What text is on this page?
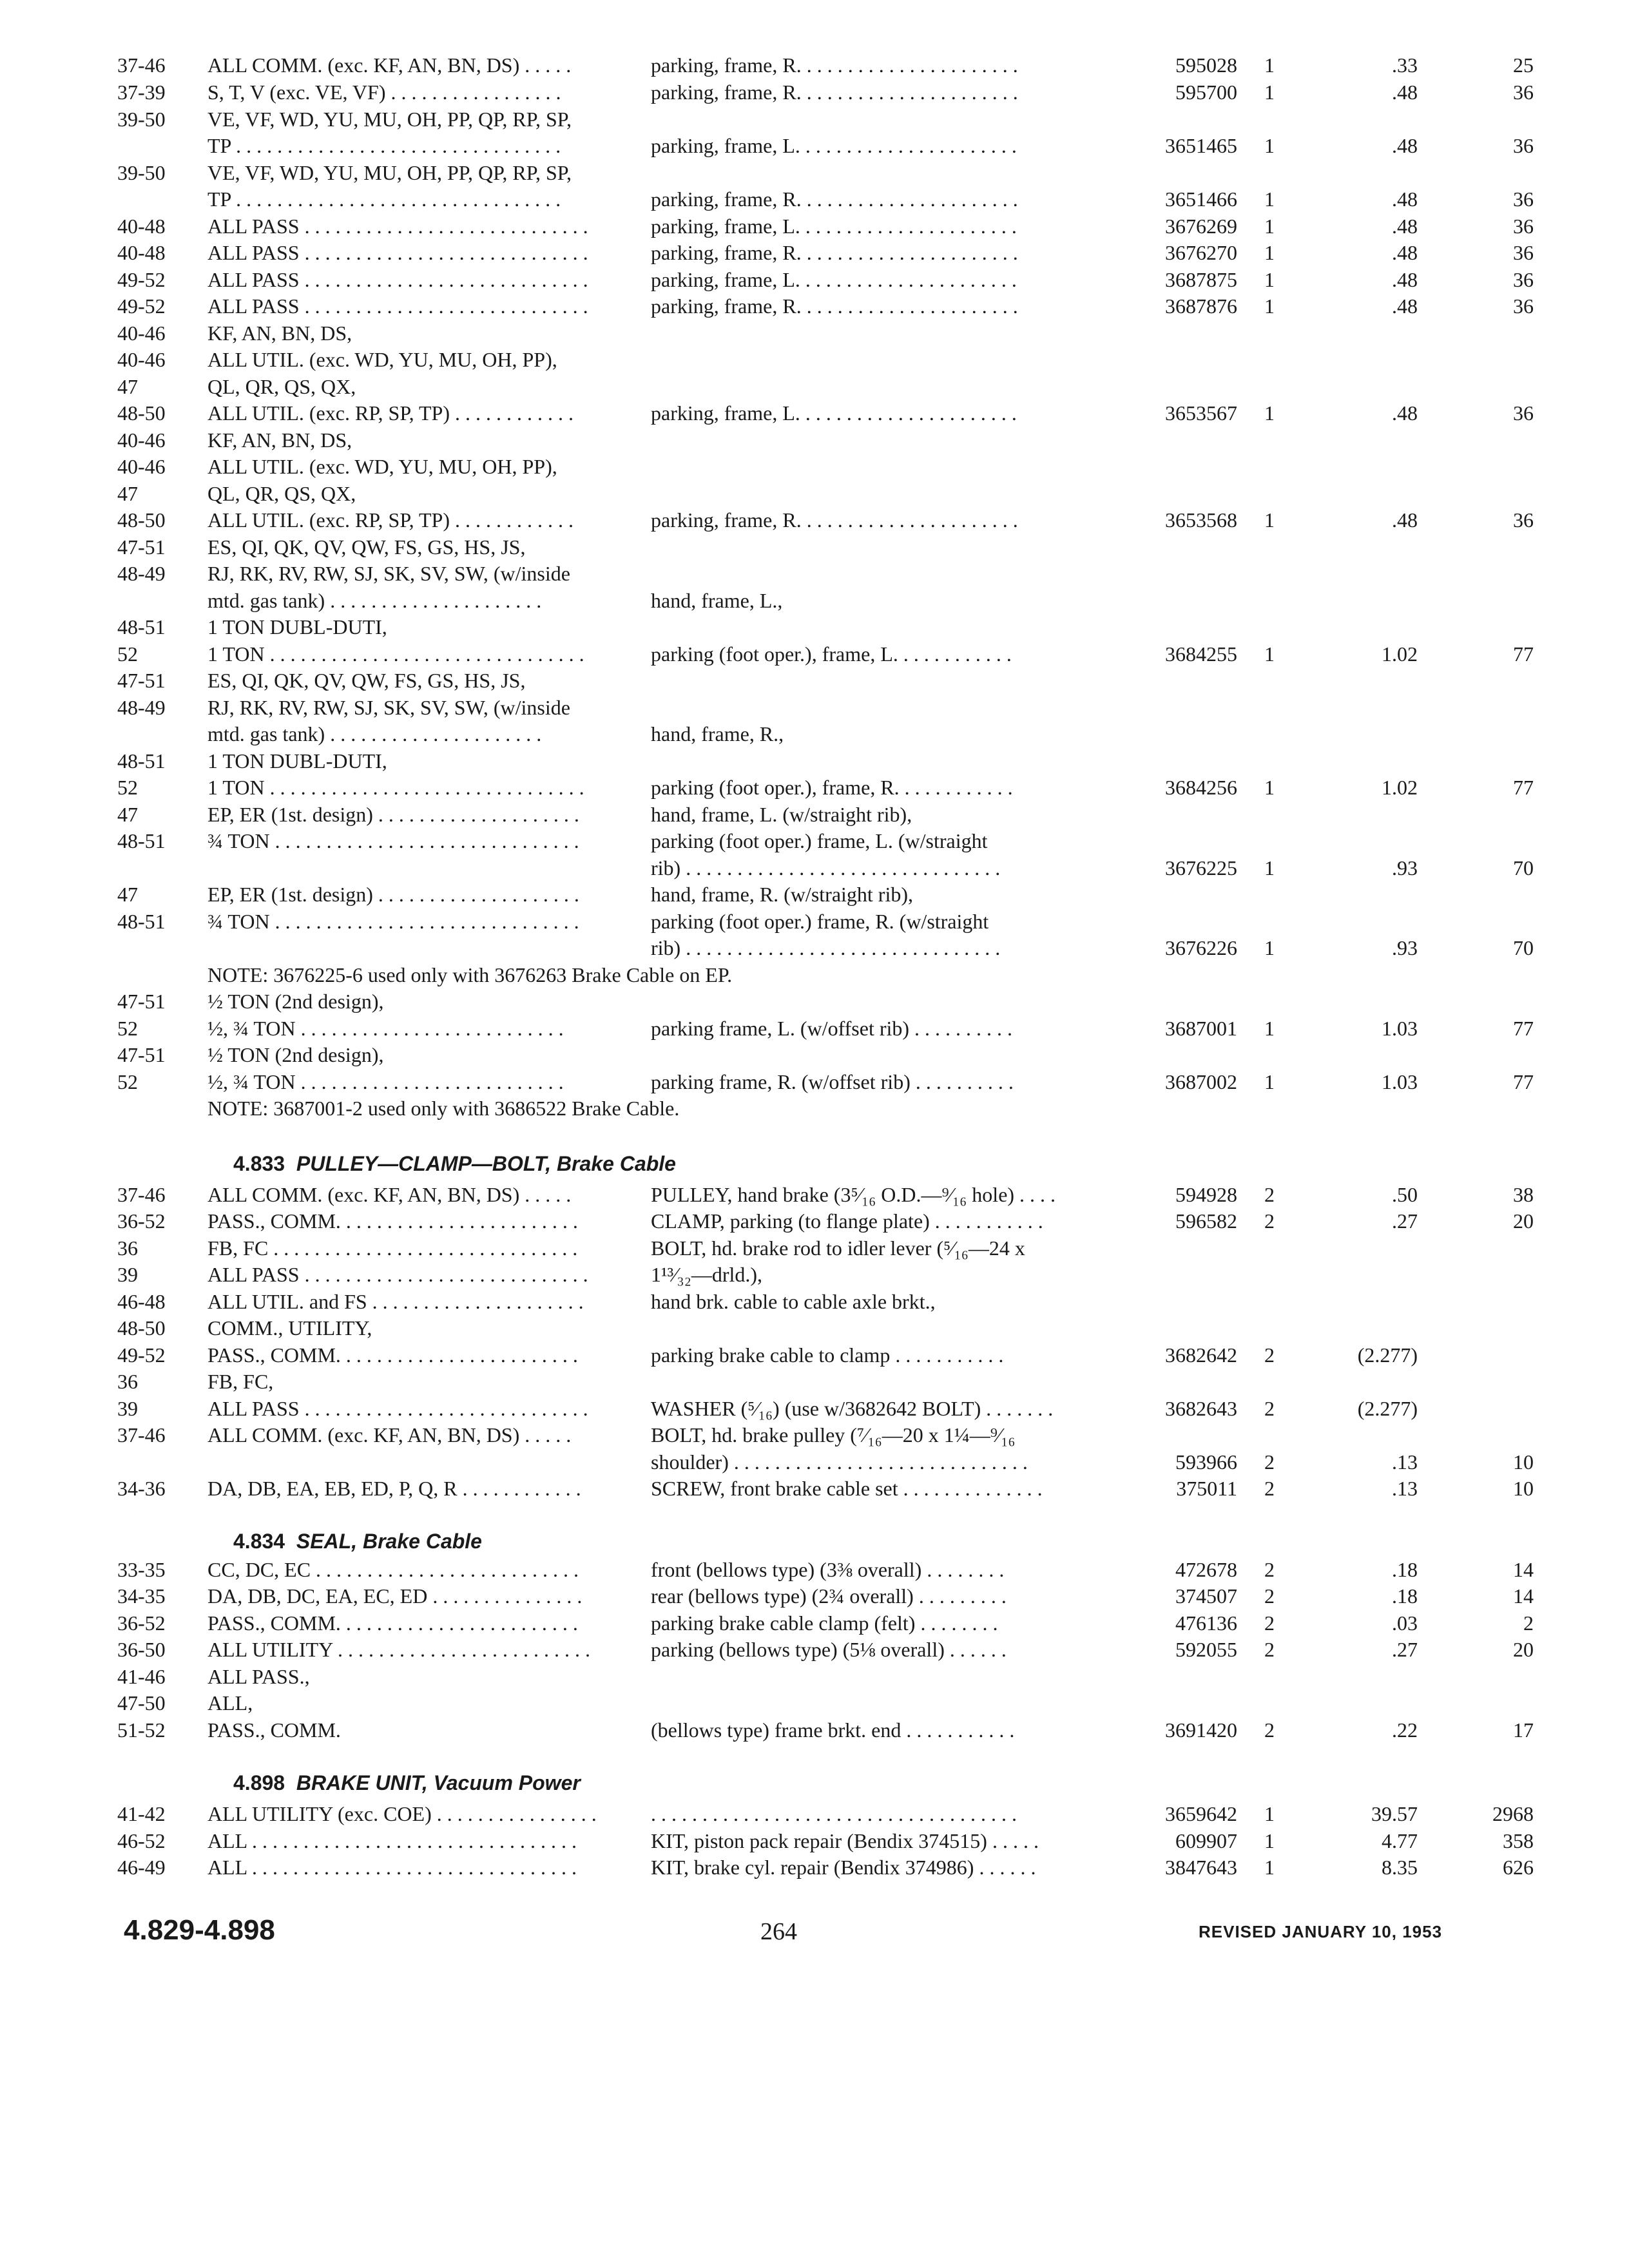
37-46	ALL COMM. (exc. KF, AN, BN, DS) . . . . .	parking, frame, R. . . . . . . . . . . . . . . . . . . . . .	595028	1	.33	25
37-39	S, T, V (exc. VE, VF) . . . . . . . . . . . . . . . . .	parking, frame, R. . . . . . . . . . . . . . . . . . . . . .	595700	1	.48	36
39-50	VE, VF, WD, YU, MU, OH, PP, QP, RP, SP,
TP . . . . . . . . . . . . . . . . . . . . . . . . . . . . . . . .	parking, frame, L. . . . . . . . . . . . . . . . . . . . . .	3651465	1	.48	36
39-50	VE, VF, WD, YU, MU, OH, PP, QP, RP, SP,
TP . . . . . . . . . . . . . . . . . . . . . . . . . . . . . . . .	parking, frame, R. . . . . . . . . . . . . . . . . . . . . .	3651466	1	.48	36
40-48	ALL PASS . . . . . . . . . . . . . . . . . . . . . . . . . . . .	parking, frame, L. . . . . . . . . . . . . . . . . . . . . .	3676269	1	.48	36
40-48	ALL PASS . . . . . . . . . . . . . . . . . . . . . . . . . . . .	parking, frame, R. . . . . . . . . . . . . . . . . . . . . .	3676270	1	.48	36
49-52	ALL PASS . . . . . . . . . . . . . . . . . . . . . . . . . . . .	parking, frame, L. . . . . . . . . . . . . . . . . . . . . .	3687875	1	.48	36
49-52	ALL PASS . . . . . . . . . . . . . . . . . . . . . . . . . . . .	parking, frame, R. . . . . . . . . . . . . . . . . . . . . .	3687876	1	.48	36
40-46	KF, AN, BN, DS,
40-46	ALL UTIL. (exc. WD, YU, MU, OH, PP),
47	QL, QR, QS, QX,
48-50	ALL UTIL. (exc. RP, SP, TP) . . . . . . . . . . . .	parking, frame, L. . . . . . . . . . . . . . . . . . . . . .	3653567	1	.48	36
40-46	KF, AN, BN, DS,
40-46	ALL UTIL. (exc. WD, YU, MU, OH, PP),
47	QL, QR, QS, QX,
48-50	ALL UTIL. (exc. RP, SP, TP) . . . . . . . . . . . .	parking, frame, R. . . . . . . . . . . . . . . . . . . . . .	3653568	1	.48	36
47-51	ES, QI, QK, QV, QW, FS, GS, HS, JS,
48-49	RJ, RK, RV, RW, SJ, SK, SV, SW, (w/inside
mtd. gas tank) . . . . . . . . . . . . . . . . . . . . .	hand, frame, L.,
48-51	1 TON DUBL-DUTI,
52	1 TON . . . . . . . . . . . . . . . . . . . . . . . . . . . . . . .	parking (foot oper.), frame, L. . . . . . . . . . . .	3684255	1	1.02	77
47-51	ES, QI, QK, QV, QW, FS, GS, HS, JS,
48-49	RJ, RK, RV, RW, SJ, SK, SV, SW, (w/inside
mtd. gas tank) . . . . . . . . . . . . . . . . . . . . .	hand, frame, R.,
48-51	1 TON DUBL-DUTI,
52	1 TON . . . . . . . . . . . . . . . . . . . . . . . . . . . . . . .	parking (foot oper.), frame, R. . . . . . . . . . . .	3684256	1	1.02	77
47	EP, ER (1st. design) . . . . . . . . . . . . . . . . . . . .	hand, frame, L. (w/straight rib),
48-51	¾ TON . . . . . . . . . . . . . . . . . . . . . . . . . . . . . .	parking (foot oper.) frame, L. (w/straight
rib) . . . . . . . . . . . . . . . . . . . . . . . . . . . . . . .	3676225	1	.93	70
47	EP, ER (1st. design) . . . . . . . . . . . . . . . . . . . .	hand, frame, R. (w/straight rib),
48-51	¾ TON . . . . . . . . . . . . . . . . . . . . . . . . . . . . . .	parking (foot oper.) frame, R. (w/straight
rib) . . . . . . . . . . . . . . . . . . . . . . . . . . . . . . .	3676226	1	.93	70
NOTE: 3676225-6 used only with 3676263 Brake Cable on EP.
47-51	½ TON (2nd design),
52	½, ¾ TON . . . . . . . . . . . . . . . . . . . . . . . . . .	parking frame, L. (w/offset rib) . . . . . . . . . .	3687001	1	1.03	77
47-51	½ TON (2nd design),
52	½, ¾ TON . . . . . . . . . . . . . . . . . . . . . . . . . .	parking frame, R. (w/offset rib) . . . . . . . . . .	3687002	1	1.03	77
NOTE: 3687001-2 used only with 3686522 Brake Cable.
4.833 PULLEY—CLAMP—BOLT, Brake Cable
37-46	ALL COMM. (exc. KF, AN, BN, DS) . . . . .	PULLEY, hand brake (3⁵⁄₁₆ O.D.—⁹⁄₁₆ hole) . . . .	594928	2	.50	38
36-52	PASS., COMM. . . . . . . . . . . . . . . . . . . . . . . .	CLAMP, parking (to flange plate) . . . . . . . . . . .	596582	2	.27	20
36	FB, FC . . . . . . . . . . . . . . . . . . . . . . . . . . . . . .	BOLT, hd. brake rod to idler lever (⁵⁄₁₆—24 x
39	ALL PASS . . . . . . . . . . . . . . . . . . . . . . . . . . . .	1¹³⁄₃₂—drld.),
46-48	ALL UTIL. and FS . . . . . . . . . . . . . . . . . . . . .	hand brk. cable to cable axle brkt.,
48-50	COMM., UTILITY,
49-52	PASS., COMM. . . . . . . . . . . . . . . . . . . . . . . .	parking brake cable to clamp . . . . . . . . . . .	3682642	2	(2.277)
36	FB, FC,
39	ALL PASS . . . . . . . . . . . . . . . . . . . . . . . . . . . .	WASHER (⁵⁄₁₆) (use w/3682642 BOLT) . . . . . . .	3682643	2	(2.277)
37-46	ALL COMM. (exc. KF, AN, BN, DS) . . . . .	BOLT, hd. brake pulley (⁷⁄₁₆—20 x 1¼—⁹⁄₁₆
shoulder) . . . . . . . . . . . . . . . . . . . . . . . . . . . . .	593966	2	.13	10
34-36	DA, DB, EA, EB, ED, P, Q, R . . . . . . . . . . . .	SCREW, front brake cable set . . . . . . . . . . . . . .	375011	2	.13	10
4.834 SEAL, Brake Cable
33-35	CC, DC, EC . . . . . . . . . . . . . . . . . . . . . . . . . .	front (bellows type) (3⅜ overall) . . . . . . . .	472678	2	.18	14
34-35	DA, DB, DC, EA, EC, ED . . . . . . . . . . . . . . .	rear (bellows type) (2¾ overall) . . . . . . . . .	374507	2	.18	14
36-52	PASS., COMM. . . . . . . . . . . . . . . . . . . . . . . .	parking brake cable clamp (felt) . . . . . . . .	476136	2	.03	2
36-50	ALL UTILITY . . . . . . . . . . . . . . . . . . . . . . . . .	parking (bellows type) (5⅛ overall) . . . . . .	592055	2	.27	20
41-46	ALL PASS.,
47-50	ALL,
51-52	PASS., COMM.	(bellows type) frame brkt. end . . . . . . . . . . .	3691420	2	.22	17
4.898 BRAKE UNIT, Vacuum Power
41-42	ALL UTILITY (exc. COE) . . . . . . . . . . . . . . . .	. . . . . . . . . . . . . . . . . . . . . . . . . . . . . . . . . . . .	3659642	1	39.57	2968
46-52	ALL . . . . . . . . . . . . . . . . . . . . . . . . . . . . . . . .	KIT, piston pack repair (Bendix 374515) . . . . .	609907	1	4.77	358
46-49	ALL . . . . . . . . . . . . . . . . . . . . . . . . . . . . . . . .	KIT, brake cyl. repair (Bendix 374986) . . . . . .	3847643	1	8.35	626
4.829-4.898	264	REVISED JANUARY 10, 1953
